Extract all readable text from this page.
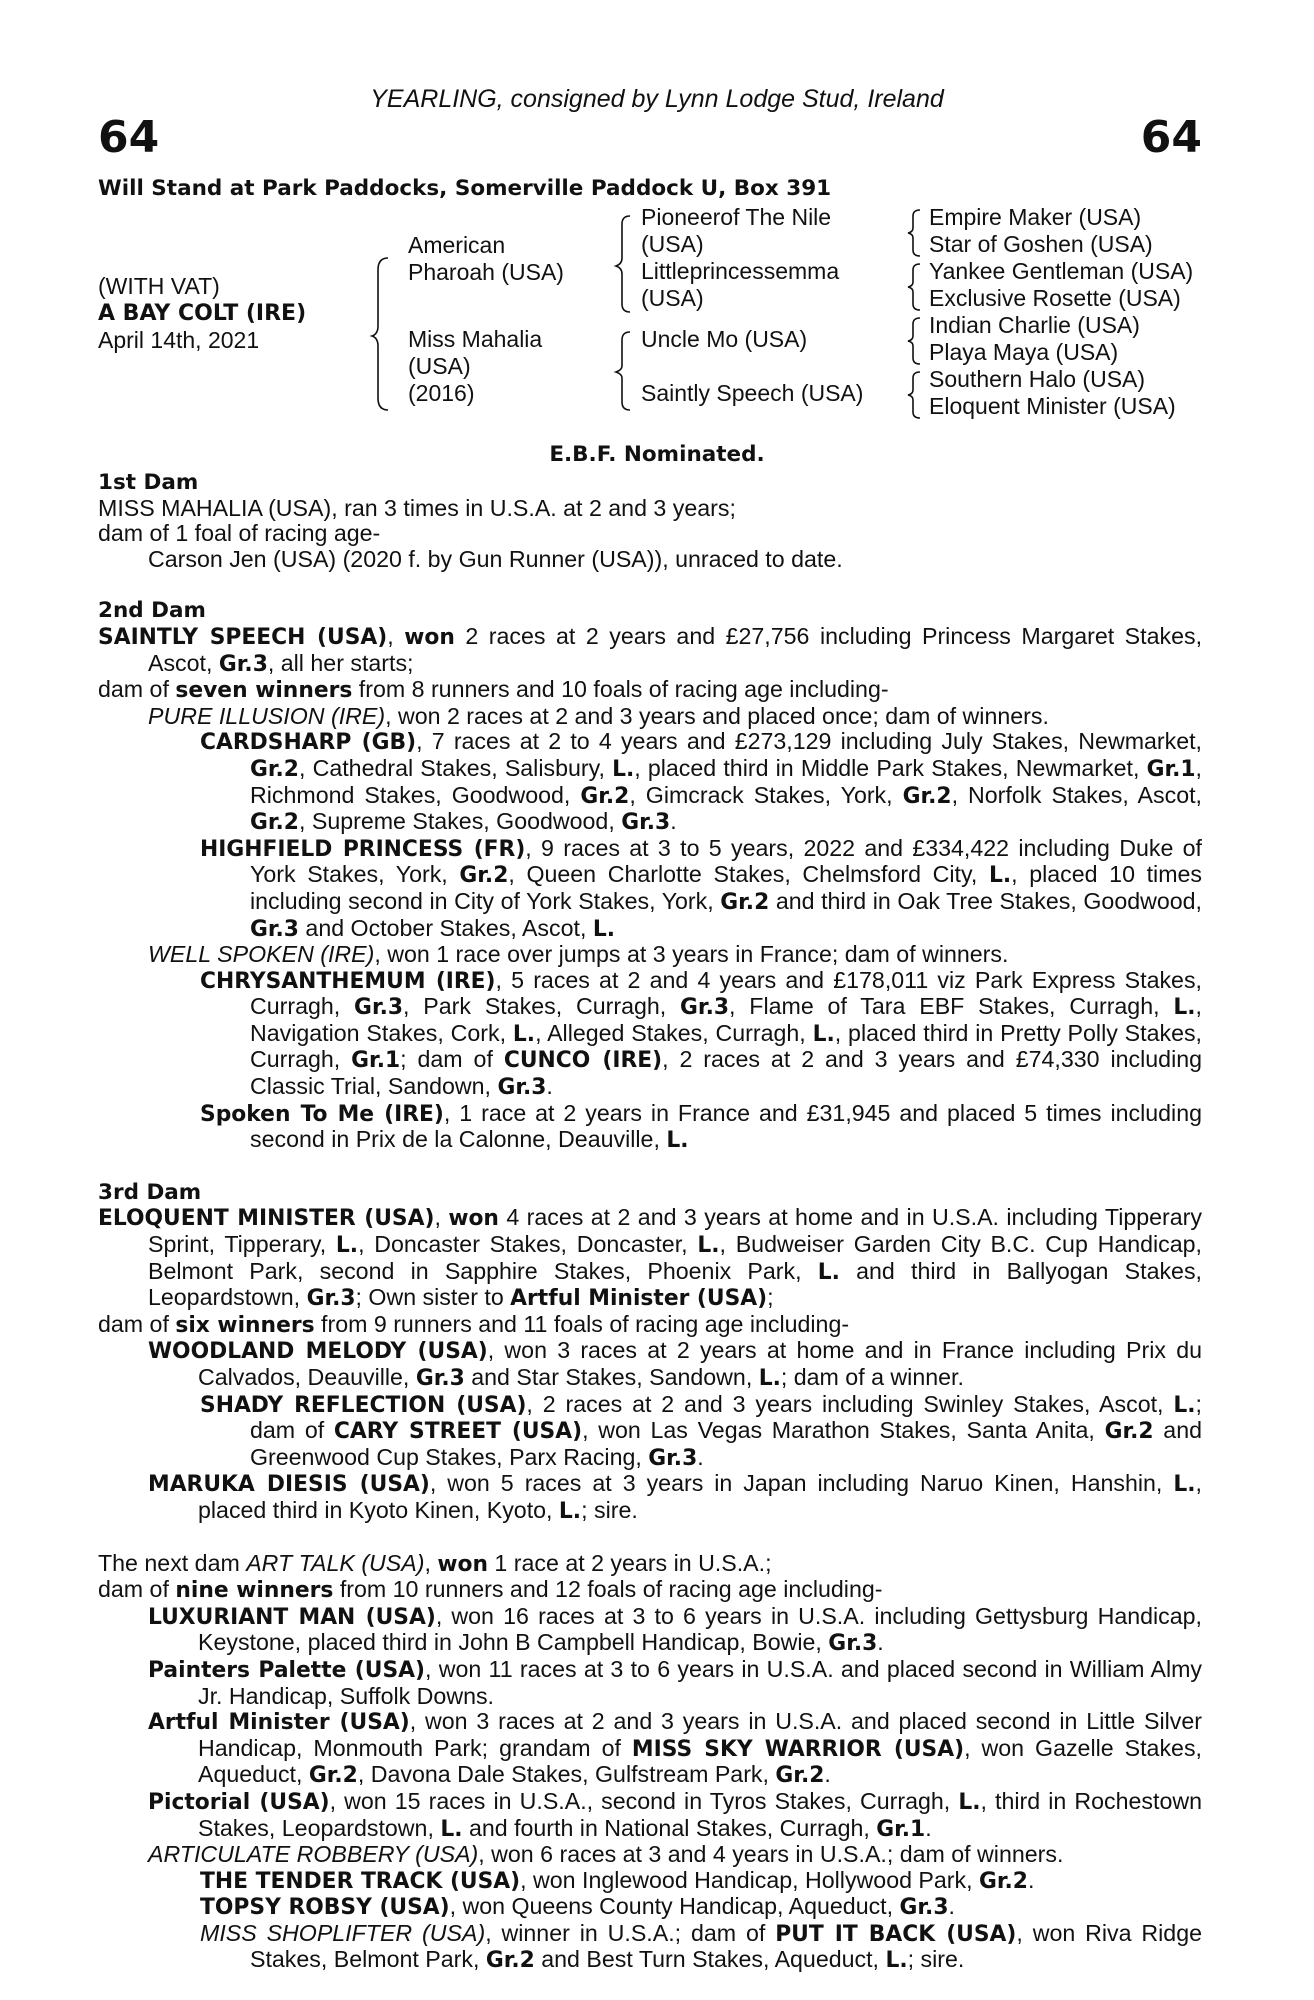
YEARLING, consigned by Lynn Lodge Stud, Ireland
64	64
Will Stand at Park Paddocks, Somerville Paddock U, Box 391
(WITH VAT)
A BAY COLT (IRE)
April 14th, 2021
American
Pharoah (USA)
Miss Mahalia
(USA)
(2016)
Pioneerof The Nile
(USA)
Littleprincessemma
(USA)
Uncle Mo (USA)
Saintly Speech (USA)
Empire Maker (USA)
Star of Goshen (USA)
Yankee Gentleman (USA)
Exclusive Rosette (USA)
Indian Charlie (USA)
Playa Maya (USA)
Southern Halo (USA)
Eloquent Minister (USA)
E.B.F. Nominated.
1st Dam

MISS MAHALIA (USA), ran 3 times in U.S.A. at 2 and 3 years;

dam of 1 foal of racing age-

Carson Jen (USA) (2020 f. by Gun Runner (USA)), unraced to date.

2nd Dam

SAINTLY SPEECH (USA), won 2 races at 2 years and £27,756 including Princess Margaret Stakes, Ascot, Gr.3, all her starts;

dam of seven winners from 8 runners and 10 foals of racing age including-

PURE ILLUSION (IRE), won 2 races at 2 and 3 years and placed once; dam of winners.

CARDSHARP (GB), 7 races at 2 to 4 years and £273,129 including July Stakes, Newmarket, Gr.2, Cathedral Stakes, Salisbury, L., placed third in Middle Park Stakes, Newmarket, Gr.1, Richmond Stakes, Goodwood, Gr.2, Gimcrack Stakes, York, Gr.2, Norfolk Stakes, Ascot, Gr.2, Supreme Stakes, Goodwood, Gr.3.

HIGHFIELD PRINCESS (FR), 9 races at 3 to 5 years, 2022 and £334,422 including Duke of York Stakes, York, Gr.2, Queen Charlotte Stakes, Chelmsford City, L., placed 10 times including second in City of York Stakes, York, Gr.2 and third in Oak Tree Stakes, Goodwood, Gr.3 and October Stakes, Ascot, L.

WELL SPOKEN (IRE), won 1 race over jumps at 3 years in France; dam of winners.

CHRYSANTHEMUM (IRE), 5 races at 2 and 4 years and £178,011 viz Park Express Stakes, Curragh, Gr.3, Park Stakes, Curragh, Gr.3, Flame of Tara EBF Stakes, Curragh, L., Navigation Stakes, Cork, L., Alleged Stakes, Curragh, L., placed third in Pretty Polly Stakes, Curragh, Gr.1; dam of CUNCO (IRE), 2 races at 2 and 3 years and £74,330 including Classic Trial, Sandown, Gr.3.

Spoken To Me (IRE), 1 race at 2 years in France and £31,945 and placed 5 times including second in Prix de la Calonne, Deauville, L.

3rd Dam

ELOQUENT MINISTER (USA), won 4 races at 2 and 3 years at home and in U.S.A. including Tipperary Sprint, Tipperary, L., Doncaster Stakes, Doncaster, L., Budweiser Garden City B.C. Cup Handicap, Belmont Park, second in Sapphire Stakes, Phoenix Park, L. and third in Ballyogan Stakes, Leopardstown, Gr.3; Own sister to Artful Minister (USA);

dam of six winners from 9 runners and 11 foals of racing age including-

WOODLAND MELODY (USA), won 3 races at 2 years at home and in France including Prix du Calvados, Deauville, Gr.3 and Star Stakes, Sandown, L.; dam of a winner.

SHADY REFLECTION (USA), 2 races at 2 and 3 years including Swinley Stakes, Ascot, L.; dam of CARY STREET (USA), won Las Vegas Marathon Stakes, Santa Anita, Gr.2 and Greenwood Cup Stakes, Parx Racing, Gr.3.

MARUKA DIESIS (USA), won 5 races at 3 years in Japan including Naruo Kinen, Hanshin, L., placed third in Kyoto Kinen, Kyoto, L.; sire.

The next dam ART TALK (USA), won 1 race at 2 years in U.S.A.;

dam of nine winners from 10 runners and 12 foals of racing age including-

LUXURIANT MAN (USA), won 16 races at 3 to 6 years in U.S.A. including Gettysburg Handicap, Keystone, placed third in John B Campbell Handicap, Bowie, Gr.3.

Painters Palette (USA), won 11 races at 3 to 6 years in U.S.A. and placed second in William Almy Jr. Handicap, Suffolk Downs.

Artful Minister (USA), won 3 races at 2 and 3 years in U.S.A. and placed second in Little Silver Handicap, Monmouth Park; grandam of MISS SKY WARRIOR (USA), won Gazelle Stakes, Aqueduct, Gr.2, Davona Dale Stakes, Gulfstream Park, Gr.2.

Pictorial (USA), won 15 races in U.S.A., second in Tyros Stakes, Curragh, L., third in Rochestown Stakes, Leopardstown, L. and fourth in National Stakes, Curragh, Gr.1.

ARTICULATE ROBBERY (USA), won 6 races at 3 and 4 years in U.S.A.; dam of winners.

THE TENDER TRACK (USA), won Inglewood Handicap, Hollywood Park, Gr.2.

TOPSY ROBSY (USA), won Queens County Handicap, Aqueduct, Gr.3.

MISS SHOPLIFTER (USA), winner in U.S.A.; dam of PUT IT BACK (USA), won Riva Ridge Stakes, Belmont Park, Gr.2 and Best Turn Stakes, Aqueduct, L.; sire.
